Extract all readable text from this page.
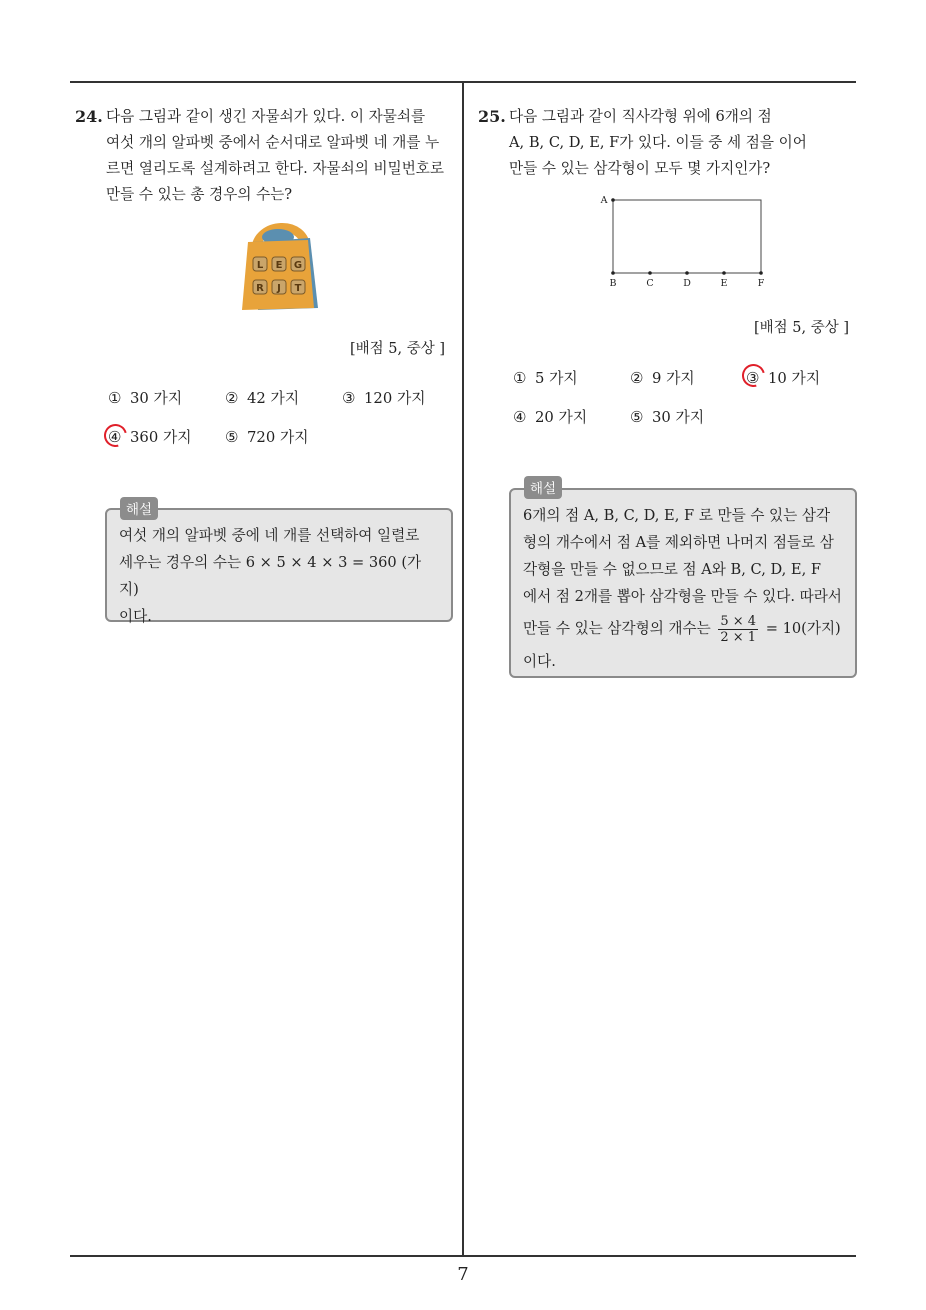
24. 다음 그림과 같이 생긴 자물쇠가 있다. 이 자물쇠를
여섯 개의 알파벳 중에서 순서대로 알파벳 네 개를 누
르면 열리도록 설계하려고 한다. 자물쇠의 비밀번호로
만들 수 있는 총 경우의 수는?
L E G
R J T
[배점 5, 중상 ]
① 30 가지	② 42 가지	③ 120 가지
④ 360 가지 ⑤ 720 가지
여섯 개의 알파벳 중에 네 개를 선택하여 일렬로
세우는 경우의 수는 6 × 5 × 4 × 3 = 360 (가지)
이다.
해설
25. 다음 그림과 같이 직사각형 위에 6개의 점
A, B, C, D, E, F가 있다. 이들 중 세 점을 이어
만들 수 있는 삼각형이 모두 몇 가지인가?
A
B	C	D	E	F
[배점 5, 중상 ]
① 5 가지	② 9 가지	③ 10 가지
④ 20 가지	⑤ 30 가지
6개의 점 A, B, C, D, E, F 로 만들 수 있는 삼각
형의 개수에서 점 A를 제외하면 나머지 점들로 삼
각형을 만들 수 없으므로 점 A와 B, C, D, E, F
에서 점 2개를 뽑아 삼각형을 만들 수 있다. 따라서
만들 수 있는 삼각형의 개수는 $\frac{5 \times 4}{2 \times 1} = 10$(가지)
이다.
해설
7
